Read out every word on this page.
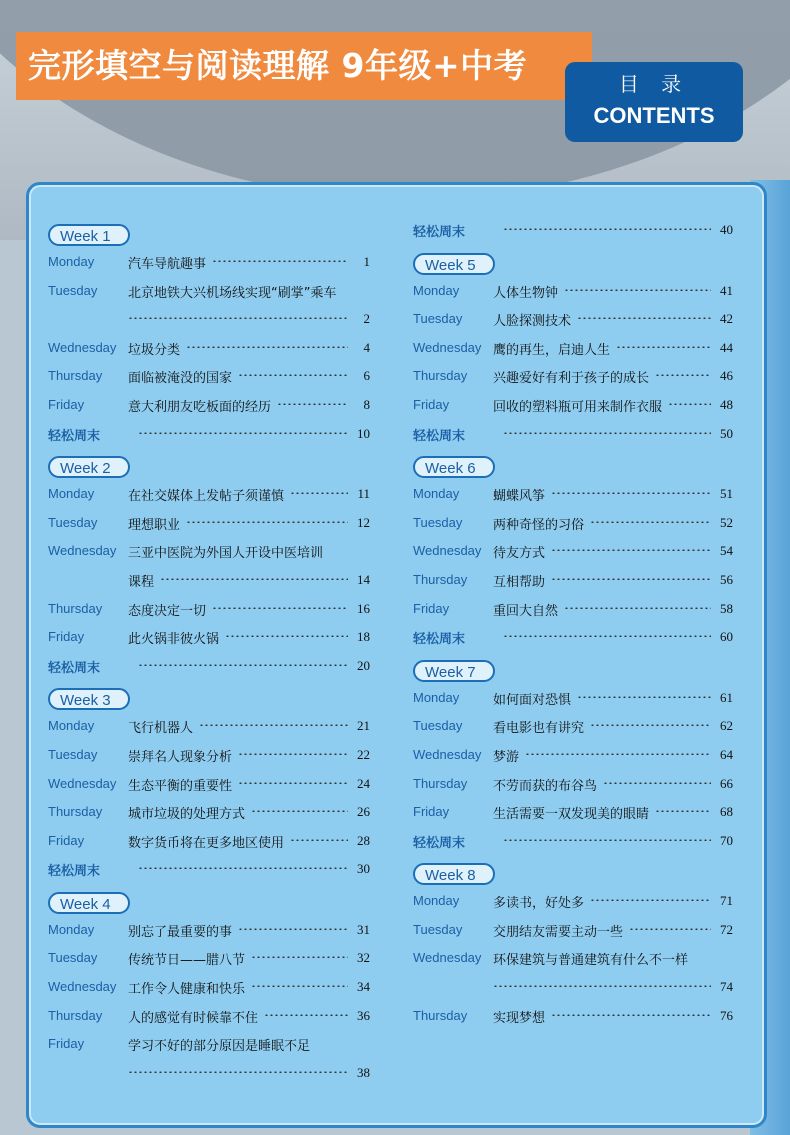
完形填空与阅读理解 9年级+中考	目 录
CONTENTS
Week 1
Monday	汽车导航趣事	1
Tuesday 北京地铁大兴机场线实现“刷掌”乘车
2
Wednesday 垃圾分类	4
Thursday 面临被淹没的国家	6
Friday	意大利朋友吃板面的经历	8
轻松周末	10
Week 2
Monday	在社交媒体上发帖子须谨慎	11
Tuesday 理想职业	12
Wednesday 三亚中医院为外国人开设中医培训
课程	14
Thursday 态度决定一切	16
Friday	此火锅非彼火锅	18
轻松周末	20
Week 3
Monday	飞行机器人	21
Tuesday 崇拜名人现象分析	22
Wednesday 生态平衡的重要性	24
Thursday 城市垃圾的处理方式	26
Friday	数字货币将在更多地区使用	28
轻松周末	30
Week 4
Monday	别忘了最重要的事	31
Tuesday 传统节日——腊八节	32
Wednesday 工作令人健康和快乐	34
Thursday 人的感觉有时候靠不住	36
Friday	学习不好的部分原因是睡眠不足
38
轻松周末	40
Week 5
Monday	人体生物钟	41
Tuesday 人脸探测技术	42
Wednesday 鹰的再生，启迪人生	44
Thursday 兴趣爱好有利于孩子的成长	46
Friday	回收的塑料瓶可用来制作衣服	48
轻松周末	50
Week 6
Monday	蝴蝶风筝	51
Tuesday 两种奇怪的习俗	52
Wednesday 待友方式	54
Thursday 互相帮助	56
Friday	重回大自然	58
轻松周末	60
Week 7
Monday	如何面对恐惧	61
Tuesday 看电影也有讲究	62
Wednesday 梦游	64
Thursday 不劳而获的布谷鸟	66
Friday	生活需要一双发现美的眼睛	68
轻松周末	70
Week 8
Monday	多读书，好处多	71
Tuesday 交朋结友需要主动一些	72
Wednesday 环保建筑与普通建筑有什么不一样
74
Thursday 实现梦想	76
